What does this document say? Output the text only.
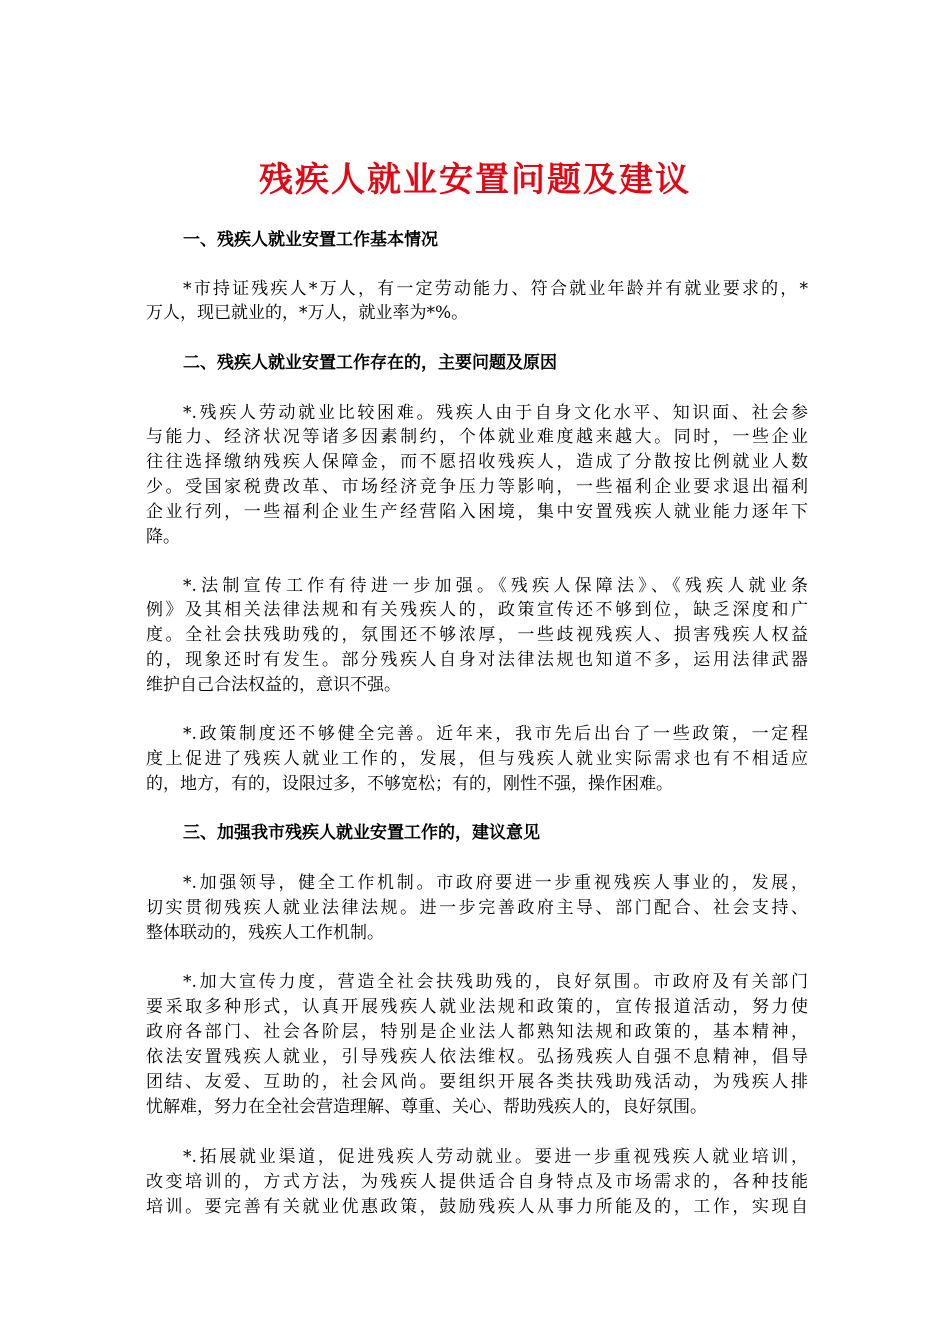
残疾人就业安置问题及建议
一、残疾人就业安置工作基本情况
*市持证残疾人*万人，有一定劳动能力、符合就业年龄并有就业要求的，*
万人，现已就业的，*万人，就业率为*%。
二、残疾人就业安置工作存在的，主要问题及原因
*.残疾人劳动就业比较困难。残疾人由于自身文化水平、知识面、社会参
与能力、经济状况等诸多因素制约，个体就业难度越来越大。同时，一些企业
往往选择缴纳残疾人保障金，而不愿招收残疾人，造成了分散按比例就业人数
少。受国家税费改革、市场经济竞争压力等影响，一些福利企业要求退出福利
企业行列，一些福利企业生产经营陷入困境，集中安置残疾人就业能力逐年下
降。
*.法制宣传工作有待进一步加强。《残疾人保障法》、《残疾人就业条
例》及其相关法律法规和有关残疾人的，政策宣传还不够到位，缺乏深度和广
度。全社会扶残助残的，氛围还不够浓厚，一些歧视残疾人、损害残疾人权益
的，现象还时有发生。部分残疾人自身对法律法规也知道不多，运用法律武器
维护自己合法权益的，意识不强。
*.政策制度还不够健全完善。近年来，我市先后出台了一些政策，一定程
度上促进了残疾人就业工作的，发展，但与残疾人就业实际需求也有不相适应
的，地方，有的，设限过多，不够宽松；有的，刚性不强，操作困难。
三、加强我市残疾人就业安置工作的，建议意见
*.加强领导，健全工作机制。市政府要进一步重视残疾人事业的，发展，
切实贯彻残疾人就业法律法规。进一步完善政府主导、部门配合、社会支持、
整体联动的，残疾人工作机制。
*.加大宣传力度，营造全社会扶残助残的，良好氛围。市政府及有关部门
要采取多种形式，认真开展残疾人就业法规和政策的，宣传报道活动，努力使
政府各部门、社会各阶层，特别是企业法人都熟知法规和政策的，基本精神，
依法安置残疾人就业，引导残疾人依法维权。弘扬残疾人自强不息精神，倡导
团结、友爱、互助的，社会风尚。要组织开展各类扶残助残活动，为残疾人排
忧解难，努力在全社会营造理解、尊重、关心、帮助残疾人的，良好氛围。
*.拓展就业渠道，促进残疾人劳动就业。要进一步重视残疾人就业培训，
改变培训的，方式方法，为残疾人提供适合自身特点及市场需求的，各种技能
培训。要完善有关就业优惠政策，鼓励残疾人从事力所能及的，工作，实现自
